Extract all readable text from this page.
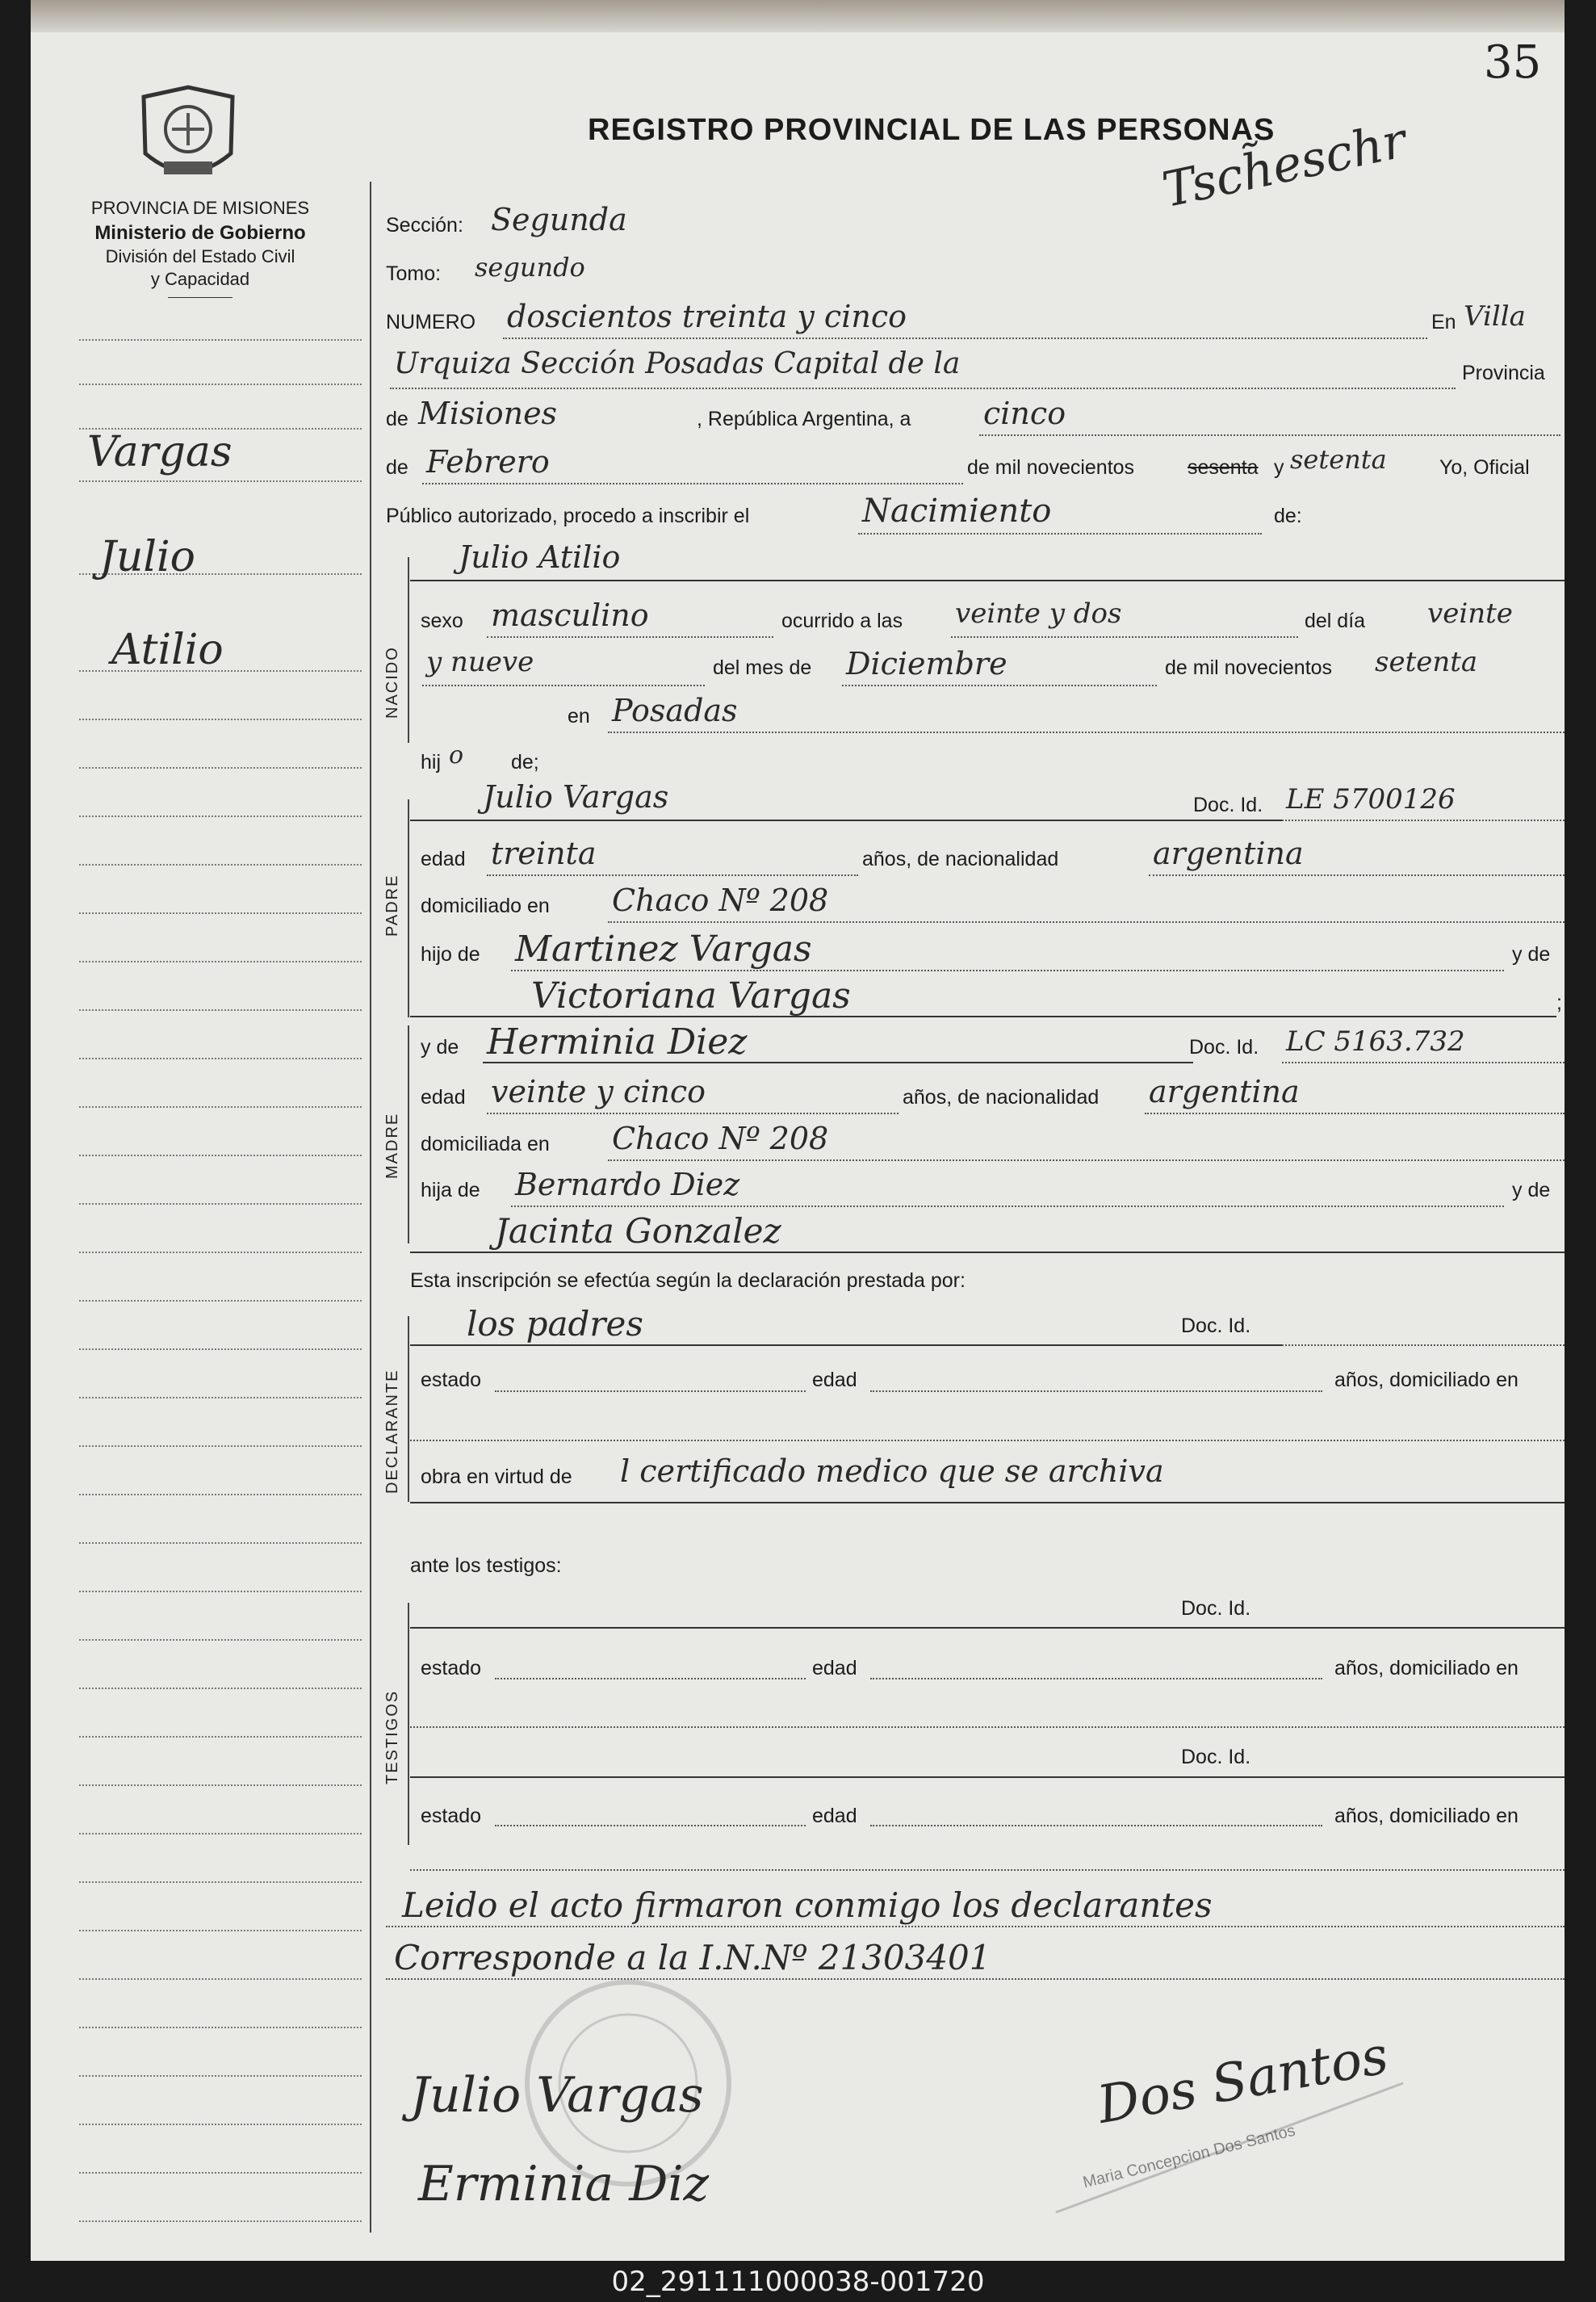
35
Tsch̃eschr
PROVINCIA DE MISIONES
Ministerio de Gobierno
División del Estado Civil
y Capacidad
REGISTRO PROVINCIAL DE LAS PERSONAS
Vargas
Julio
Atilio
Sección: Segunda
Tomo: segundo
NUMERO doscientos treinta y cinco	En Villa
Urquiza Sección Posadas Capital de la	Provincia
de Misiones	, República Argentina, a cinco
de Febrero	de mil novecientos	sesenta y setenta	Yo, Oficial
Público autorizado, procedo a inscribir el	Nacimiento	de:
NACIDO
Julio Atilio
sexo masculino	ocurrido a las veinte y dos	del día veinte
y nueve	del mes de Diciembre	de mil novecientos setenta
en Posadas
hij o de;
PADRE
Julio Vargas	Doc. Id. LE 5700126
edad treinta	años, de nacionalidad	argentina
domiciliado en Chaco Nº 208
hijo de Martinez Vargas	y de
Victoriana Vargas	;
MADRE
y de Herminia Diez	Doc. Id. LC 5163.732
edad veinte y cinco	años, de nacionalidad argentina
domiciliada en Chaco Nº 208
hija de Bernardo Diez	y de
Jacinta Gonzalez
Esta inscripción se efectúa según la declaración prestada por:
DECLARANTE
los padres	Doc. Id.
estado	edad	años, domiciliado en
obra en virtud de l certificado medico que se archiva
ante los testigos:
TESTIGOS
Doc. Id.
estado	edad	años, domiciliado en
Doc. Id.
estado	edad	años, domiciliado en
Leido el acto firmaron conmigo los declarantes
Corresponde a la I.N.Nº 21303401
Maria Concepcion Dos Santos
Julio Vargas
Erminia Diz
Dos Santos
02_291111000038-001720
